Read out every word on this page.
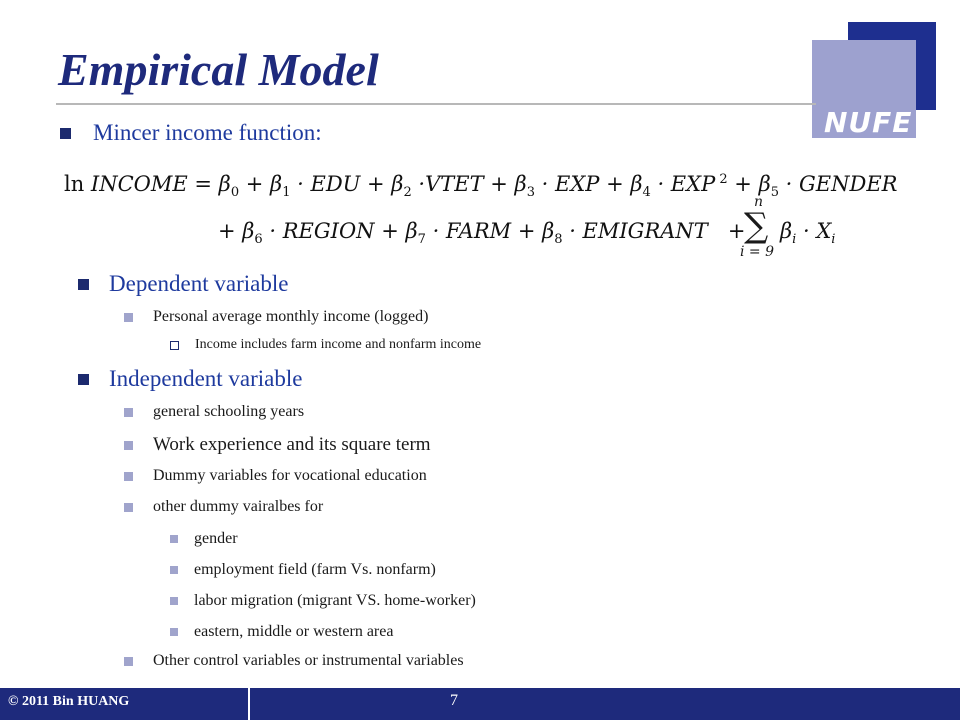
NUFE
Empirical Model
Mincer income function:
ln INCOME = $\beta_0 + \beta_1$ · EDU + $\beta_2$ ·VTET + $\beta_3$ · EXP + $\beta_4$ · EXP $^2 + \beta_5$ · GENDER
+ $\beta_6$ · REGION + $\beta_7$ · FARM + $\beta_8$ · EMIGRANT   +
n
∑
i = 9
$\beta_i \cdot X_i$
Dependent variable
Personal average monthly income (logged)
Income includes farm income and nonfarm income
Independent variable
general schooling years
Work experience and its square term
Dummy variables for vocational education
other dummy vairalbes for
gender
employment field (farm Vs. nonfarm)
labor migration (migrant VS. home-worker)
eastern, middle or western area
Other control variables or instrumental variables
© 2011 Bin HUANG	7
